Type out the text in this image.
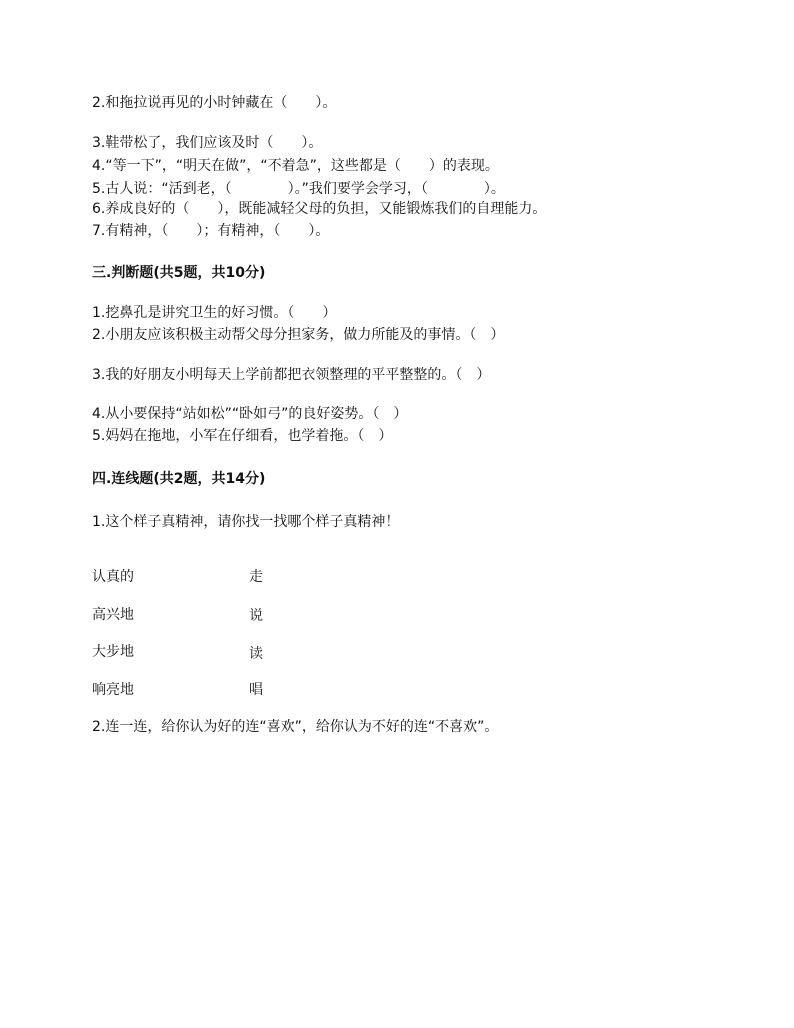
2.和拖拉说再见的小时钟藏在（　　）。
3.鞋带松了，我们应该及时（　　）。
4.“等一下”，“明天在做”，“不着急”，这些都是（　　）的表现。
5.古人说：“活到老，（　　　　）。”我们要学会学习，（　　　　）。
6.养成良好的（　　），既能减轻父母的负担，又能锻炼我们的自理能力。
7.有精神，（　　）；有精神，（　　）。
三.判断题(共5题，共10分)
1.挖鼻孔是讲究卫生的好习惯。（　　）
2.小朋友应该积极主动帮父母分担家务，做力所能及的事情。（　）
3.我的好朋友小明每天上学前都把衣领整理的平平整整的。（　）
4.从小要保持“站如松”“卧如弓”的良好姿势。（　）
5.妈妈在拖地，小军在仔细看，也学着拖。（　）
四.连线题(共2题，共14分)
1.这个样子真精神，请你找一找哪个样子真精神！
认真的	走
高兴地	说
大步地	读
响亮地	唱
2.连一连，给你认为好的连“喜欢”，给你认为不好的连“不喜欢”。
